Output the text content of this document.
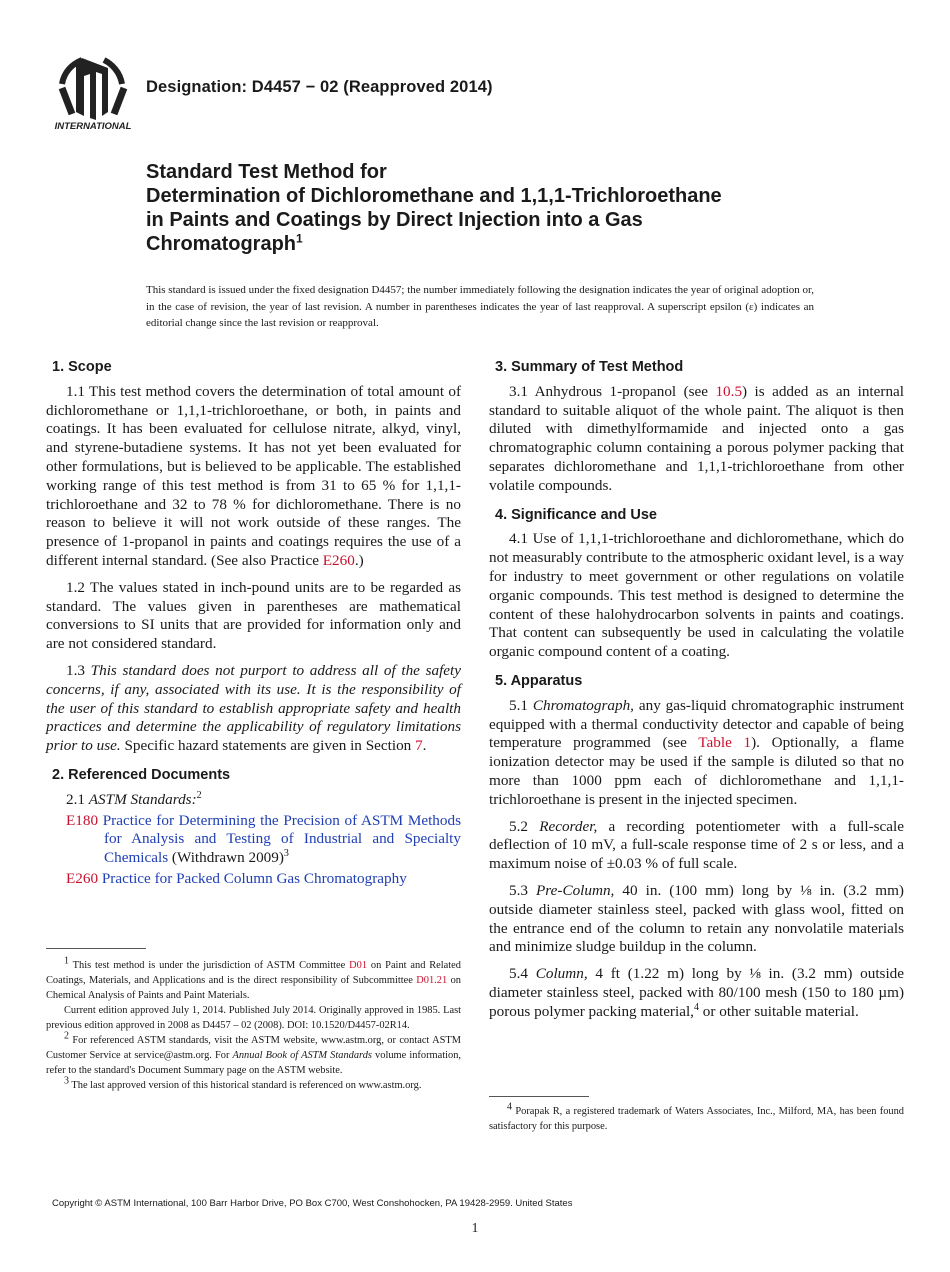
INTERNATIONAL
Designation: D4457 − 02 (Reapproved 2014)
Standard Test Method for
Determination of Dichloromethane and 1,1,1-Trichloroethane
in Paints and Coatings by Direct Injection into a Gas
Chromatograph$^1$
This standard is issued under the fixed designation D4457; the number immediately following the designation indicates the year of original adoption or, in the case of revision, the year of last revision. A number in parentheses indicates the year of last reapproval. A superscript epsilon (ε) indicates an editorial change since the last revision or reapproval.
1. Scope

1.1 This test method covers the determination of total amount of dichloromethane or 1,1,1-trichloroethane, or both, in paints and coatings. It has been evaluated for cellulose nitrate, alkyd, vinyl, and styrene-butadiene systems. It has not yet been evaluated for other formulations, but is believed to be applicable. The established working range of this test method is from 31 to 65 % for 1,1,1-trichloroethane and 32 to 78 % for dichloromethane. There is no reason to believe it will not work outside of these ranges. The presence of 1-propanol in paints and coatings requires the use of a different internal standard. (See also Practice E260.)

1.2 The values stated in inch-pound units are to be regarded as standard. The values given in parentheses are mathematical conversions to SI units that are provided for information only and are not considered standard.

1.3 This standard does not purport to address all of the safety concerns, if any, associated with its use. It is the responsibility of the user of this standard to establish appropriate safety and health practices and determine the applicability of regulatory limitations prior to use. Specific hazard statements are given in Section 7.

2. Referenced Documents

2.1 ASTM Standards:$^2$

E180 Practice for Determining the Precision of ASTM Methods for Analysis and Testing of Industrial and Specialty Chemicals (Withdrawn 2009)$^3$
E260 Practice for Packed Column Gas Chromatography
3. Summary of Test Method

3.1 Anhydrous 1-propanol (see 10.5) is added as an internal standard to suitable aliquot of the whole paint. The aliquot is then diluted with dimethylformamide and injected onto a gas chromatographic column containing a porous polymer packing that separates dichloromethane and 1,1,1-trichloroethane from other volatile compounds.

4. Significance and Use

4.1 Use of 1,1,1-trichloroethane and dichloromethane, which do not measurably contribute to the atmospheric oxidant level, is a way for industry to meet government or other regulations on volatile organic compounds. This test method is designed to determine the content of these halohydrocarbon solvents in paints and coatings. That content can subsequently be used in calculating the volatile organic compound content of a coating.

5. Apparatus

5.1 Chromatograph, any gas-liquid chromatographic instrument equipped with a thermal conductivity detector and capable of being temperature programmed (see Table 1). Optionally, a flame ionization detector may be used if the sample is diluted so that no more than 1000 ppm each of dichloromethane and 1,1,1-trichloroethane is present in the injected specimen.

5.2 Recorder, a recording potentiometer with a full-scale deflection of 10 mV, a full-scale response time of 2 s or less, and a maximum noise of ±0.03 % of full scale.

5.3 Pre-Column, 40 in. (100 mm) long by ⅛ in. (3.2 mm) outside diameter stainless steel, packed with glass wool, fitted on the entrance end of the column to retain any nonvolatile materials and minimize sludge buildup in the column.

5.4 Column, 4 ft (1.22 m) long by ⅛ in. (3.2 mm) outside diameter stainless steel, packed with 80/100 mesh (150 to 180 µm) porous polymer packing material,$^4$ or other suitable material.

$^1$ This test method is under the jurisdiction of ASTM Committee D01 on Paint and Related Coatings, Materials, and Applications and is the direct responsibility of Subcommittee D01.21 on Chemical Analysis of Paints and Paint Materials.

Current edition approved July 1, 2014. Published July 2014. Originally approved in 1985. Last previous edition approved in 2008 as D4457 – 02 (2008). DOI: 10.1520/D4457-02R14.

$^2$ For referenced ASTM standards, visit the ASTM website, www.astm.org, or contact ASTM Customer Service at service@astm.org. For Annual Book of ASTM Standards volume information, refer to the standard's Document Summary page on the ASTM website.

$^3$ The last approved version of this historical standard is referenced on www.astm.org.

$^4$ Porapak R, a registered trademark of Waters Associates, Inc., Milford, MA, has been found satisfactory for this purpose.

Copyright © ASTM International, 100 Barr Harbor Drive, PO Box C700, West Conshohocken, PA 19428-2959. United States
1
